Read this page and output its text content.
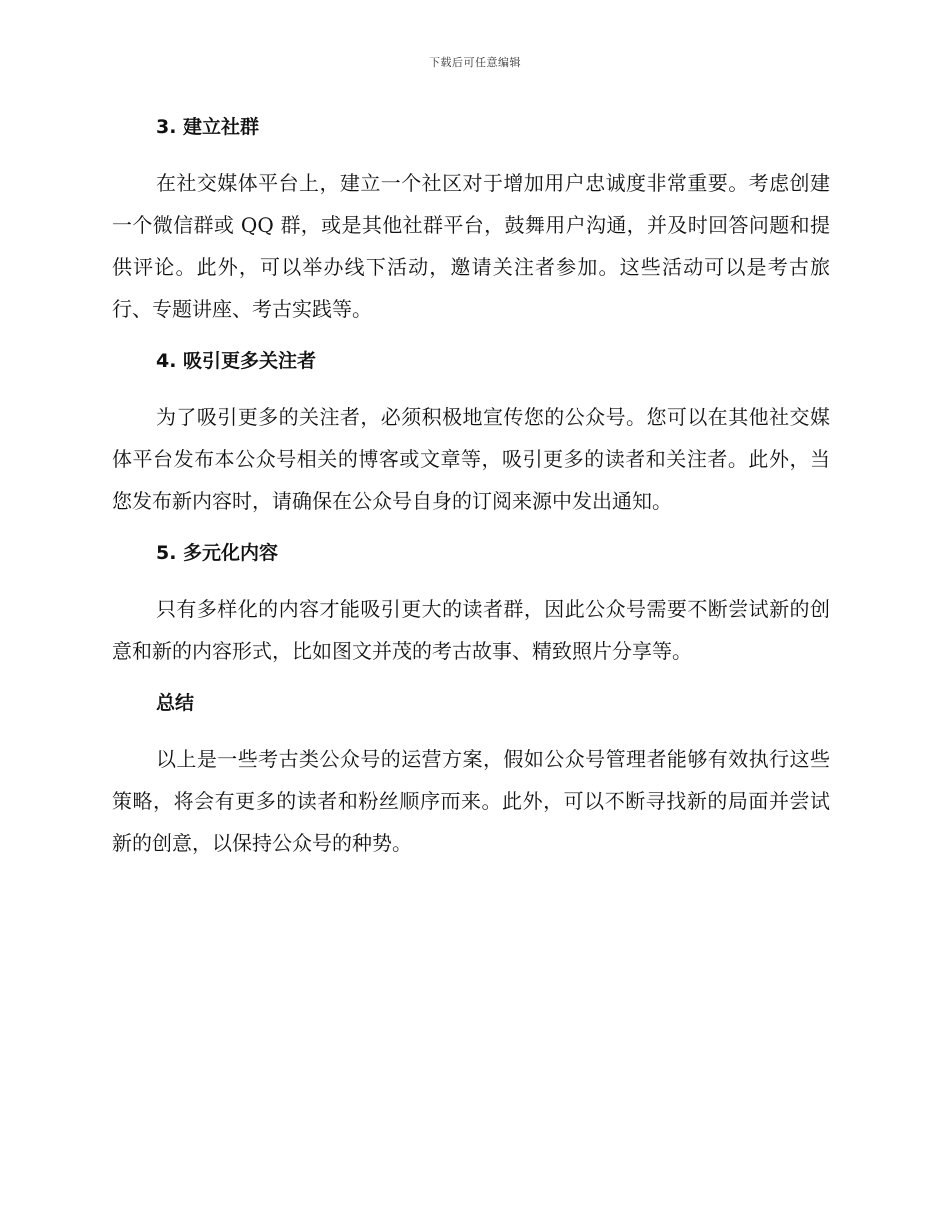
下载后可任意编辑
3. 建立社群

在社交媒体平台上，建立一个社区对于增加用户忠诚度非常重要。考虑创建一个微信群或 QQ 群，或是其他社群平台，鼓舞用户沟通，并及时回答问题和提供评论。此外，可以举办线下活动，邀请关注者参加。这些活动可以是考古旅行、专题讲座、考古实践等。

4. 吸引更多关注者

为了吸引更多的关注者，必须积极地宣传您的公众号。您可以在其他社交媒体平台发布本公众号相关的博客或文章等，吸引更多的读者和关注者。此外，当您发布新内容时，请确保在公众号自身的订阅来源中发出通知。

5. 多元化内容

只有多样化的内容才能吸引更大的读者群，因此公众号需要不断尝试新的创意和新的内容形式，比如图文并茂的考古故事、精致照片分享等。

总结

以上是一些考古类公众号的运营方案，假如公众号管理者能够有效执行这些策略，将会有更多的读者和粉丝顺序而来。此外，可以不断寻找新的局面并尝试新的创意，以保持公众号的种势。
